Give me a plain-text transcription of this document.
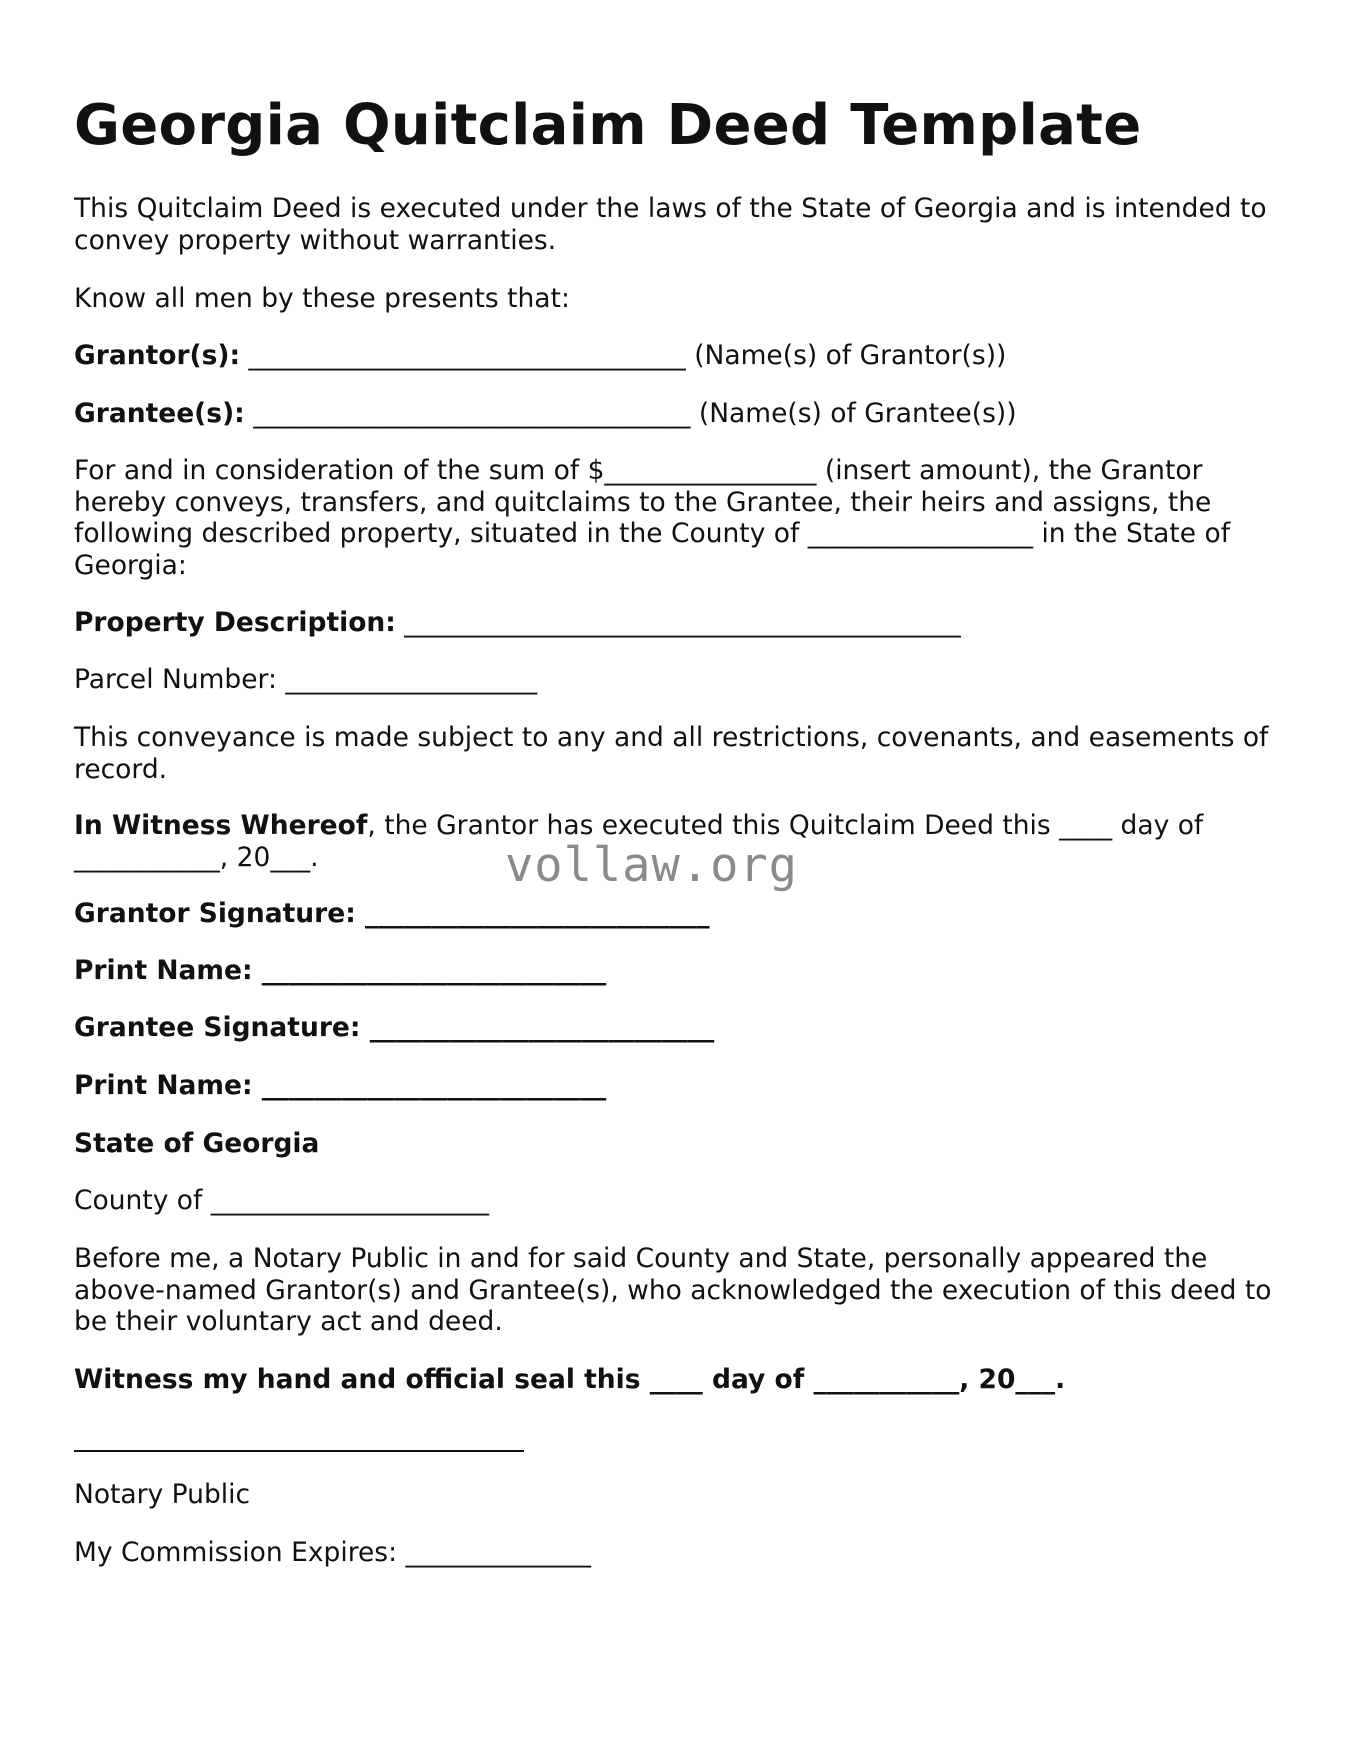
Georgia Quitclaim Deed Template
This Quitclaim Deed is executed under the laws of the State of Georgia and is intended to
convey property without warranties.
Know all men by these presents that:
Grantor(s): _________________________________ (Name(s) of Grantor(s))
Grantee(s): _________________________________ (Name(s) of Grantee(s))
For and in consideration of the sum of $________________ (insert amount), the Grantor
hereby conveys, transfers, and quitclaims to the Grantee, their heirs and assigns, the
following described property, situated in the County of _________________ in the State of
Georgia:
Property Description: __________________________________________
Parcel Number: ___________________
This conveyance is made subject to any and all restrictions, covenants, and easements of
record.
In Witness Whereof, the Grantor has executed this Quitclaim Deed this ____ day of
___________, 20___.
Grantor Signature: __________________________
Print Name: __________________________
Grantee Signature: __________________________
Print Name: __________________________
State of Georgia
County of _____________________
Before me, a Notary Public in and for said County and State, personally appeared the
above-named Grantor(s) and Grantee(s), who acknowledged the execution of this deed to
be their voluntary act and deed.
Witness my hand and official seal this ____ day of ___________, 20___.
Notary Public
My Commission Expires: ______________
vollaw.org
